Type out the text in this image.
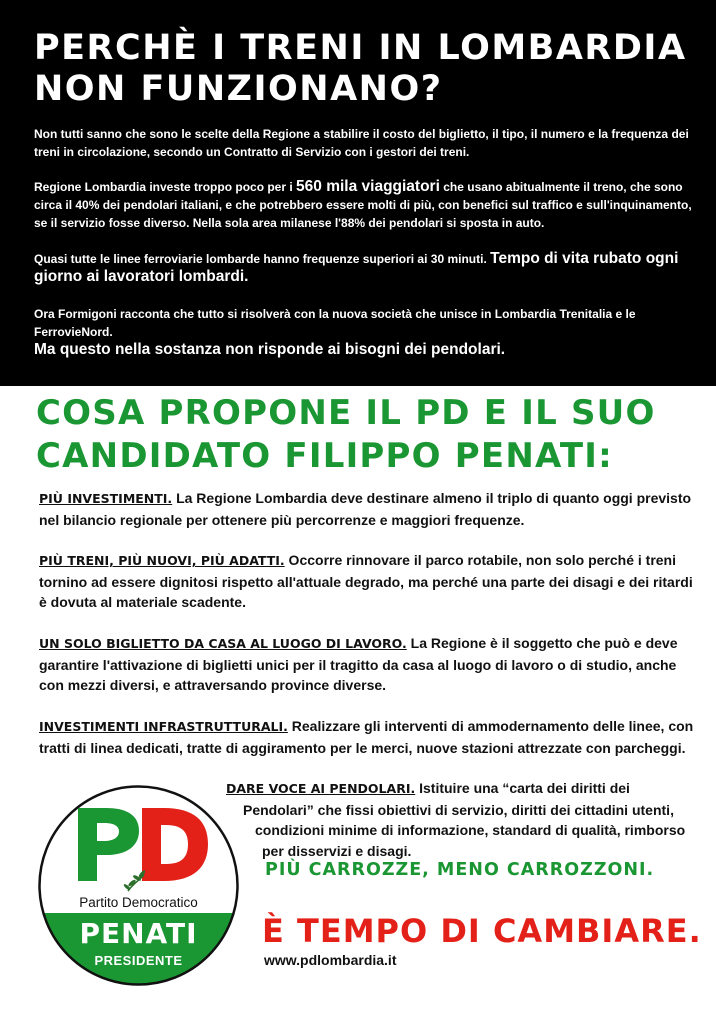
PERCHÈ I TRENI IN LOMBARDIA
NON FUNZIONANO?

Non tutti sanno che sono le scelte della Regione a stabilire il costo del biglietto, il tipo, il numero e la frequenza dei treni in circolazione, secondo un Contratto di Servizio con i gestori dei treni.

Regione Lombardia investe troppo poco per i 560 mila viaggiatori che usano abitualmente il treno, che sono circa il 40% dei pendolari italiani, e che potrebbero essere molti di più, con benefici sul traffico e sull'inquinamento, se il servizio fosse diverso. Nella sola area milanese l'88% dei pendolari si sposta in auto.

Quasi tutte le linee ferroviarie lombarde hanno frequenze superiori ai 30 minuti. Tempo di vita rubato ogni giorno ai lavoratori lombardi.

Ora Formigoni racconta che tutto si risolverà con la nuova società che unisce in Lombardia Trenitalia e le FerrovieNord.
Ma questo nella sostanza non risponde ai bisogni dei pendolari.

COSA PROPONE IL PD E IL SUO
CANDIDATO FILIPPO PENATI:

PIÙ INVESTIMENTI. La Regione Lombardia deve destinare almeno il triplo di quanto oggi previsto nel bilancio regionale per ottenere più percorrenze e maggiori frequenze.

PIÙ TRENI, PIÙ NUOVI, PIÙ ADATTI. Occorre rinnovare il parco rotabile, non solo perché i treni tornino ad essere dignitosi rispetto all'attuale degrado, ma perché una parte dei disagi e dei ritardi è dovuta al materiale scadente.

UN SOLO BIGLIETTO DA CASA AL LUOGO DI LAVORO. La Regione è il soggetto che può e deve garantire l'attivazione di biglietti unici per il tragitto da casa al luogo di lavoro o di studio, anche con mezzi diversi, e attraversando province diverse.

INVESTIMENTI INFRASTRUTTURALI. Realizzare gli interventi di ammodernamento delle linee, con tratti di linea dedicati, tratte di aggiramento per le merci, nuove stazioni attrezzate con parcheggi.

DARE VOCE AI PENDOLARI. Istituire una “carta dei diritti dei
Pendolari” che fissi obiettivi di servizio, diritti dei cittadini utenti,
condizioni minime di informazione, standard di qualità, rimborso
per disservizi e disagi.
PIÙ CARROZZE, MENO CARROZZONI.
È TEMPO DI CAMBIARE.
www.pdlombardia.it
Partito Democratico
PENATI
PRESIDENTE
